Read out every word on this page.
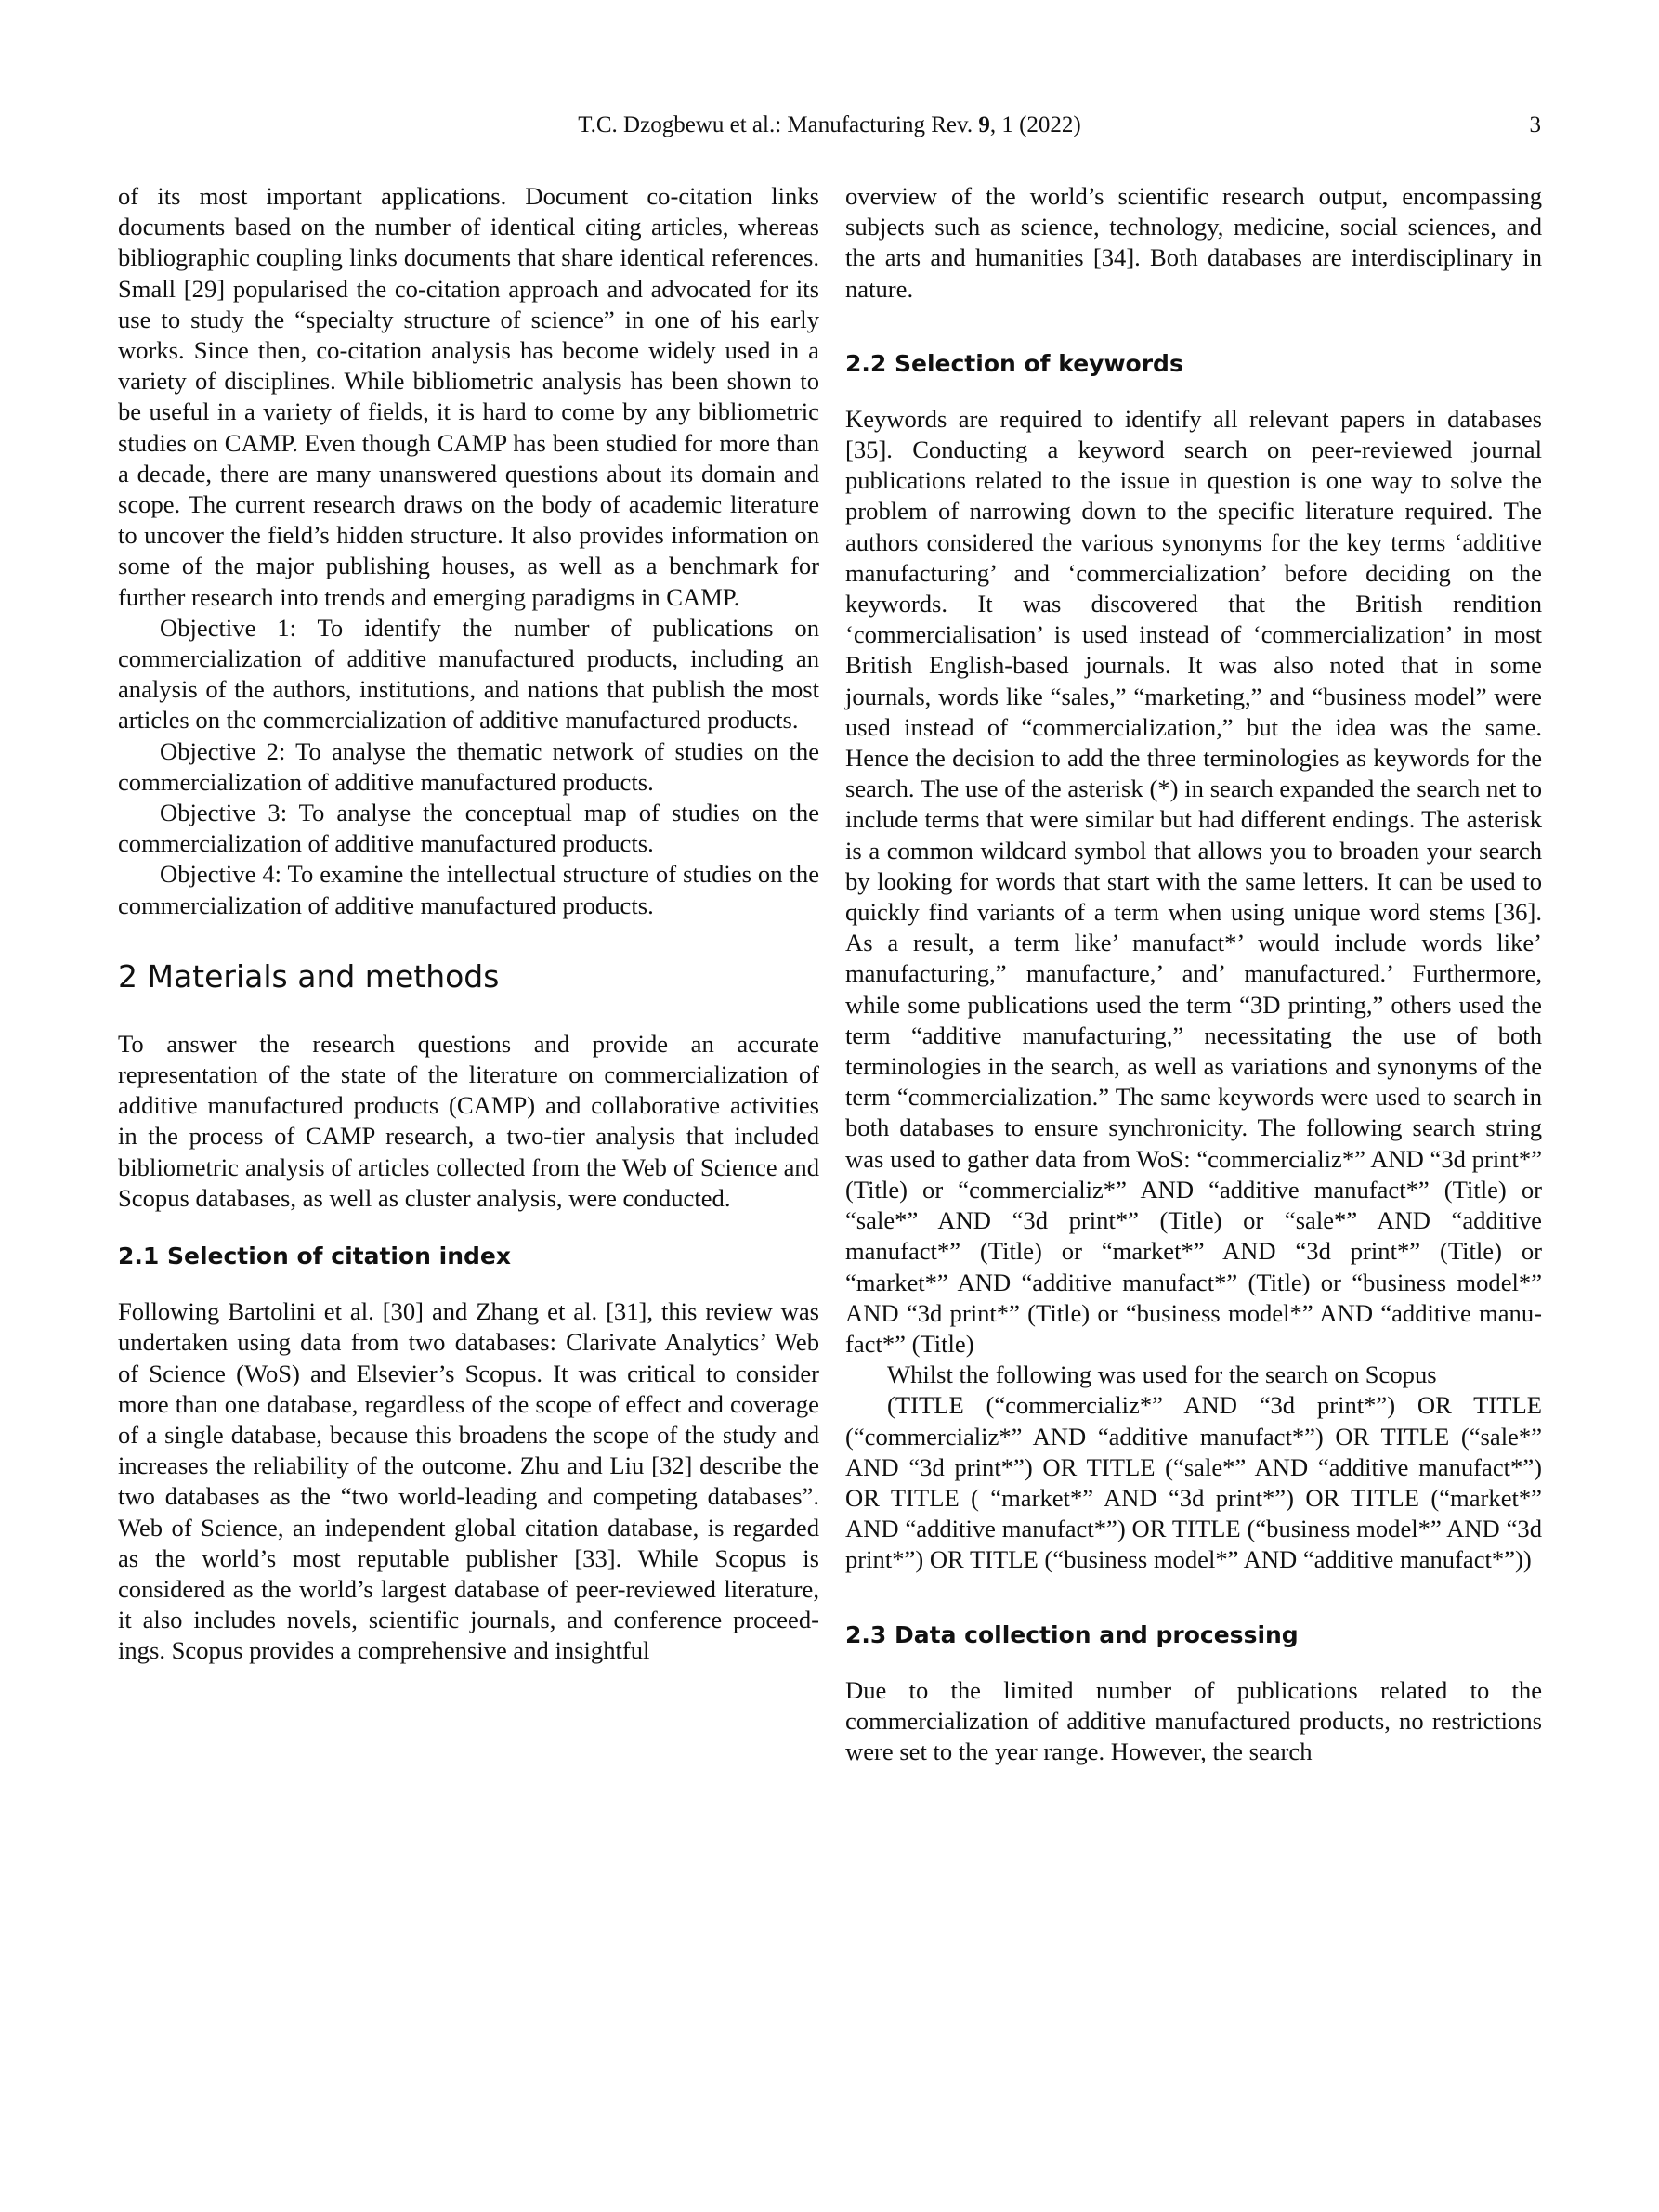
T.C. Dzogbewu et al.: Manufacturing Rev. 9, 1 (2022)	3

of its most important applications. Document co-citation links documents based on the number of identical citing articles, whereas bibliographic coupling links documents that share identical references. Small [29] popularised the co-citation approach and advocated for its use to study the “specialty structure of science” in one of his early works. Since then, co-citation analysis has become widely used in a variety of disciplines. While bibliometric analysis has been shown to be useful in a variety of fields, it is hard to come by any bibliometric studies on CAMP. Even though CAMP has been studied for more than a decade, there are many unanswered questions about its domain and scope. The current research draws on the body of academic literature to uncover the field’s hidden structure. It also provides information on some of the major publishing houses, as well as a benchmark for further research into trends and emerging paradigms in CAMP.

Objective 1: To identify the number of publications on commercialization of additive manufactured products, including an analysis of the authors, institutions, and nations that publish the most articles on the commercialization of additive manufactured products.

Objective 2: To analyse the thematic network of studies on the commercialization of additive manufactured products.

Objective 3: To analyse the conceptual map of studies on the commercialization of additive manufactured products.

Objective 4: To examine the intellectual structure of studies on the commercialization of additive manufactured products.

2 Materials and methods

To answer the research questions and provide an accurate representation of the state of the literature on commercialization of additive manufactured products (CAMP) and collaborative activities in the process of CAMP research, a two-tier analysis that included bibliometric analysis of articles collected from the Web of Science and Scopus databases, as well as cluster analysis, were conducted.

2.1 Selection of citation index

Following Bartolini et al. [30] and Zhang et al. [31], this review was undertaken using data from two databases: Clarivate Analytics’ Web of Science (WoS) and Elsevier’s Scopus. It was critical to consider more than one database, regardless of the scope of effect and coverage of a single database, because this broadens the scope of the study and increases the reliability of the outcome. Zhu and Liu [32] describe the two databases as the “two world-leading and competing databases”. Web of Science, an independent global citation database, is regarded as the world’s most reputable publisher [33]. While Scopus is considered as the world’s largest database of peer-reviewed literature, it also includes novels, scientific journals, and conference proceedings. Scopus provides a comprehensive and insightful

overview of the world’s scientific research output, encompassing subjects such as science, technology, medicine, social sciences, and the arts and humanities [34]. Both databases are interdisciplinary in nature.

2.2 Selection of keywords

Keywords are required to identify all relevant papers in databases [35]. Conducting a keyword search on peer-reviewed journal publications related to the issue in question is one way to solve the problem of narrowing down to the specific literature required. The authors considered the various synonyms for the key terms ‘additive manufacturing’ and ‘commercialization’ before deciding on the keywords. It was discovered that the British rendition ‘commercialisation’ is used instead of ‘commercialization’ in most British English-based journals. It was also noted that in some journals, words like “sales,” “marketing,” and “business model” were used instead of “commercialization,” but the idea was the same. Hence the decision to add the three terminologies as keywords for the search. The use of the asterisk (*) in search expanded the search net to include terms that were similar but had different endings. The asterisk is a common wildcard symbol that allows you to broaden your search by looking for words that start with the same letters. It can be used to quickly find variants of a term when using unique word stems [36]. As a result, a term like’ manufact*’ would include words like’ manufacturing,” manufacture,’ and’ manufactured.’ Furthermore, while some publications used the term “3D printing,” others used the term “additive manufacturing,” necessitating the use of both terminologies in the search, as well as variations and synonyms of the term “commercialization.” The same keywords were used to search in both databases to ensure synchronicity. The following search string was used to gather data from WoS: “commercializ*” AND “3d print*” (Title) or “commercializ*” AND “additive manufact*” (Title) or “sale*” AND “3d print*” (Title) or “sale*” AND “additive manufact*” (Title) or “market*” AND “3d print*” (Title) or “market*” AND “additive manufact*” (Title) or “business model*” AND “3d print*” (Title) or “business model*” AND “additive manufact*” (Title)

Whilst the following was used for the search on Scopus

(TITLE (“commercializ*” AND “3d print*”) OR TITLE (“commercializ*” AND “additive manufact*”) OR TITLE (“sale*” AND “3d print*”) OR TITLE (“sale*” AND “additive manufact*”) OR TITLE ( “market*” AND “3d print*”) OR TITLE (“market*” AND “additive manufact*”) OR TITLE (“business model*” AND “3d print*”) OR TITLE (“business model*” AND “additive manufact*”))

2.3 Data collection and processing

Due to the limited number of publications related to the commercialization of additive manufactured products, no restrictions were set to the year range. However, the search
